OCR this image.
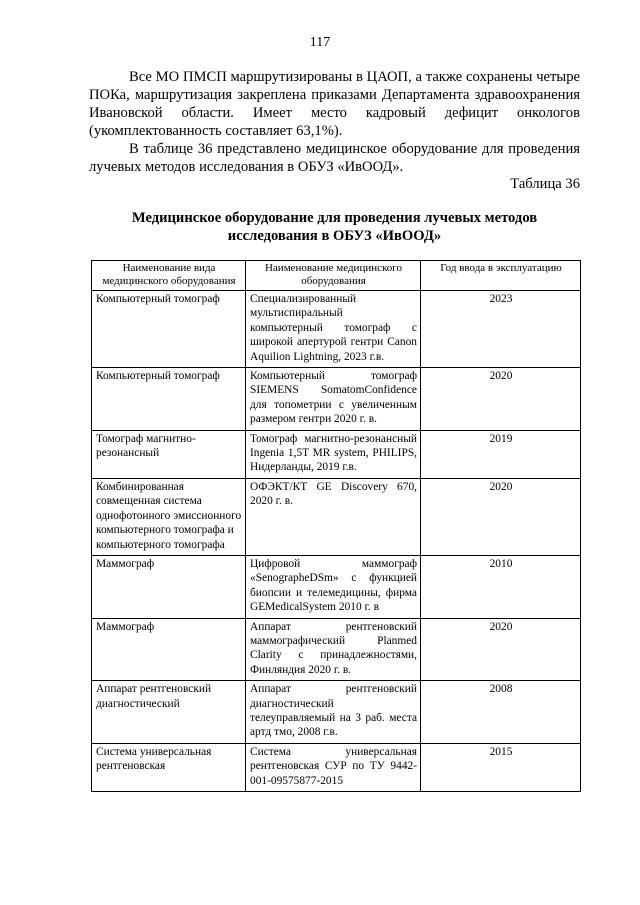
117

Все МО ПМСП маршрутизированы в ЦАОП, а также сохранены четыре ПОКа, маршрутизация закреплена приказами Департамента здравоохранения Ивановской области. Имеет место кадровый дефицит онкологов (укомплектованность составляет 63,1%).

В таблице 36 представлено медицинское оборудование для проведения лучевых методов исследования в ОБУЗ «ИвООД».

Таблица 36
Медицинское оборудование для проведения лучевых методов исследования в ОБУЗ «ИвООД»
Наименование вида медицинского оборудования	Наименование медицинского оборудования	Год ввода в эксплуатацию
Компьютерный томограф	Специализированный мультиспиральный компьютерный томограф с широкой апертурой гентри Canon Aquilion Lightning, 2023 г.в.	2023
Компьютерный томограф	Компьютерный томограф SIEMENS SomatomConfidence для топометрии с увеличенным размером гентри 2020 г. в.	2020
Томограф магнитно-резонансный	Томограф магнитно-резонансный Ingenia 1,5T MR system, PHILIPS, Нидерланды, 2019 г.в.	2019
Комбинированная совмещенная система однофотонного эмиссионного компьютерного томографа и компьютерного томографа	ОФЭКТ/КТ GE Discovery 670, 2020 г. в.	2020
Маммограф	Цифровой маммограф «SenographeDSm» с функцией биопсии и телемедицины, фирма GEMedicalSystem 2010 г. в	2010
Маммограф	Аппарат рентгеновский маммографический Planmed Clarity с принадлежностями, Финляндия 2020 г. в.	2020
Аппарат рентгеновский диагностический	Аппарат рентгеновский диагностический телеуправляемый на 3 раб. места артд тмо, 2008 г.в.	2008
Система универсальная рентгеновская	Система универсальная рентгеновская СУР по ТУ 9442-001-09575877-2015	2015
